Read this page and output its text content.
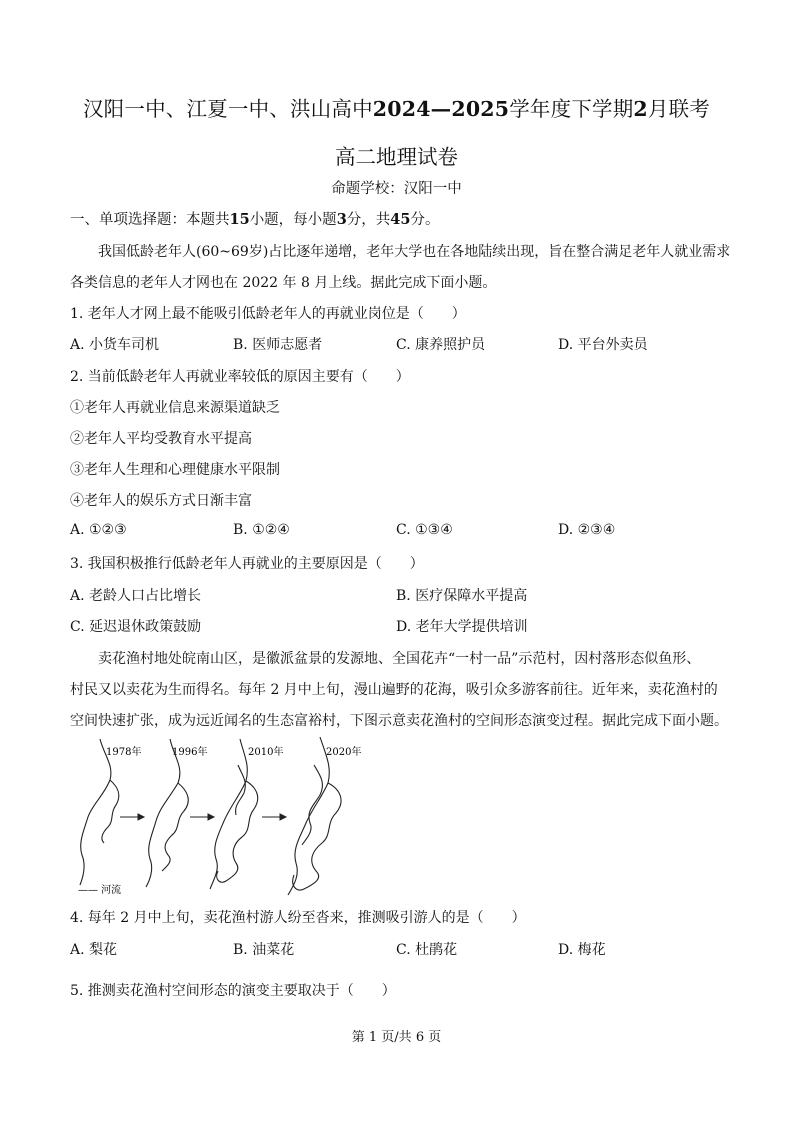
汉阳一中、江夏一中、洪山高中2024—2025学年度下学期2月联考
高二地理试卷
命题学校：汉阳一中
一、单项选择题：本题共15小题，每小题3分，共45分。
我国低龄老年人(60~69岁)占比逐年递增，老年大学也在各地陆续出现，旨在整合满足老年人就业需求
各类信息的老年人才网也在 2022 年 8 月上线。据此完成下面小题。
1. 老年人才网上最不能吸引低龄老年人的再就业岗位是（　　）
A. 小货车司机	B. 医师志愿者	C. 康养照护员	D. 平台外卖员
2. 当前低龄老年人再就业率较低的原因主要有（　　）
①老年人再就业信息来源渠道缺乏
②老年人平均受教育水平提高
③老年人生理和心理健康水平限制
④老年人的娱乐方式日渐丰富
A. ①②③	B. ①②④	C. ①③④	D. ②③④
3. 我国积极推行低龄老年人再就业的主要原因是（　　）
A. 老龄人口占比增长	B. 医疗保障水平提高
C. 延迟退休政策鼓励	D. 老年大学提供培训
卖花渔村地处皖南山区，是徽派盆景的发源地、全国花卉“一村一品”示范村，因村落形态似鱼形、
村民又以卖花为生而得名。每年 2 月中上旬，漫山遍野的花海，吸引众多游客前往。近年来，卖花渔村的
空间快速扩张，成为远近闻名的生态富裕村，下图示意卖花渔村的空间形态演变过程。据此完成下面小题。
1978年	1996年	2010年	2020年
—— 河流
4. 每年 2 月中上旬，卖花渔村游人纷至沓来，推测吸引游人的是（　　）
A. 梨花	B. 油菜花	C. 杜鹃花	D. 梅花
5. 推测卖花渔村空间形态的演变主要取决于（　　）
第 1 页/共 6 页
